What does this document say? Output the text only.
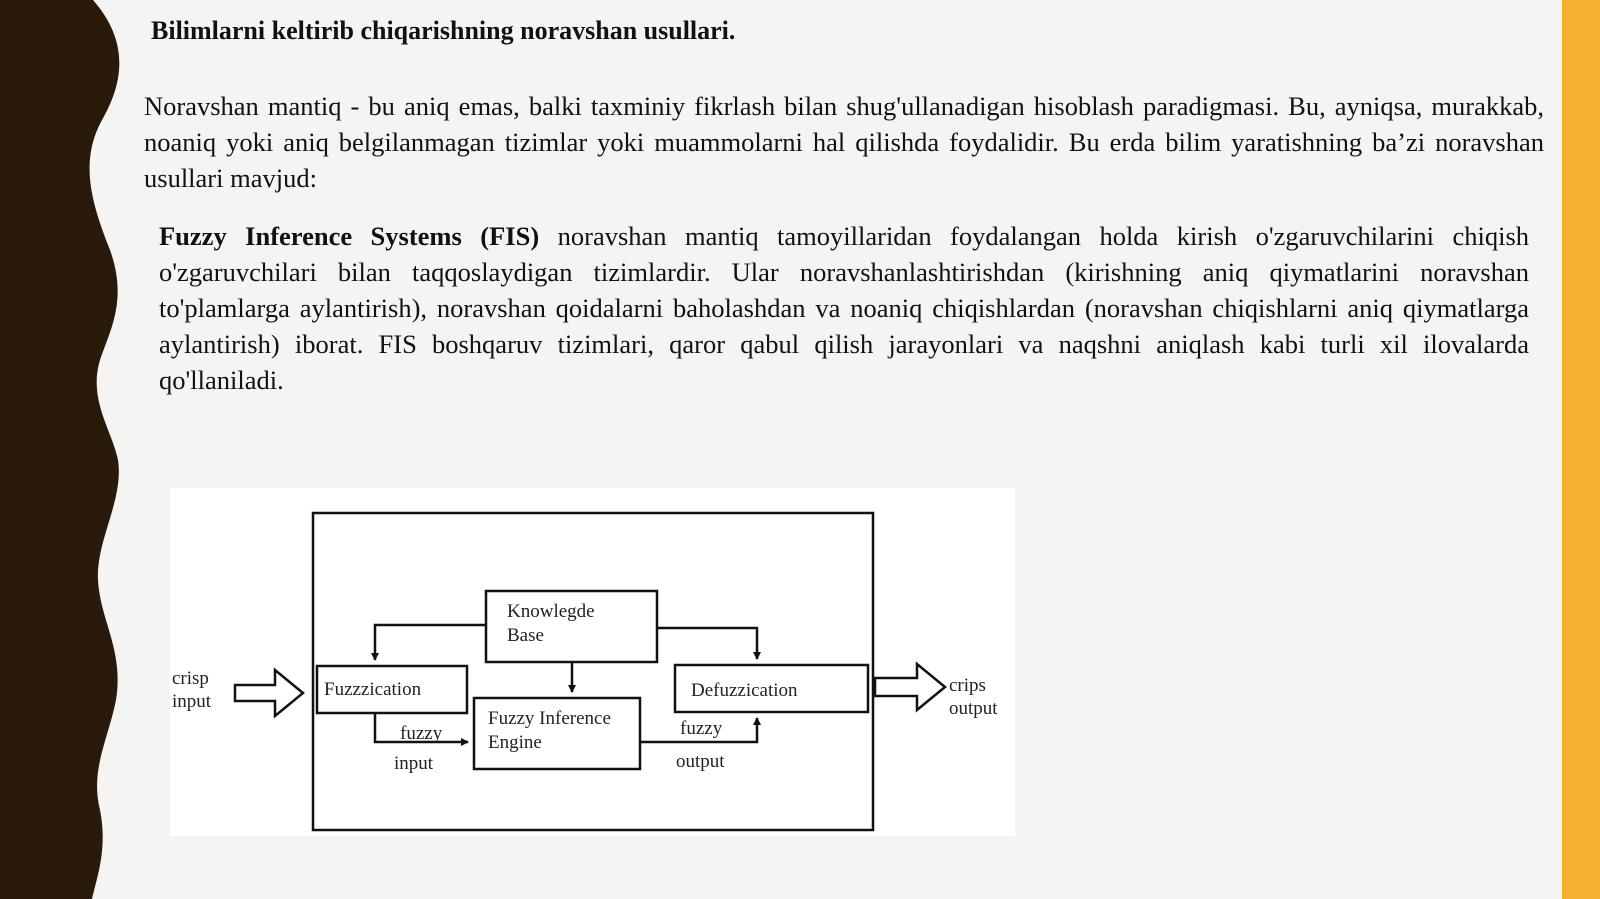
Bilimlarni keltirib chiqarishning noravshan usullari.

Noravshan mantiq - bu aniq emas, balki taxminiy fikrlash bilan shug'ullanadigan hisoblash paradigmasi. Bu, ayniqsa, murakkab, noaniq yoki aniq belgilanmagan tizimlar yoki muammolarni hal qilishda foydalidir. Bu erda bilim yaratishning ba’zi noravshan usullari mavjud:

Fuzzy Inference Systems (FIS) noravshan mantiq tamoyillaridan foydalangan holda kirish o'zgaruvchilarini chiqish o'zgaruvchilari bilan taqqoslaydigan tizimlardir. Ular noravshanlashtirishdan (kirishning aniq qiymatlarini noravshan to'plamlarga aylantirish), noravshan qoidalarni baholashdan va noaniq chiqishlardan (noravshan chiqishlarni aniq qiymatlarga aylantirish) iborat. FIS boshqaruv tizimlari, qaror qabul qilish jarayonlari va naqshni aniqlash kabi turli xil ilovalarda qo'llaniladi.

crisp
input
Knowlegde
Base
Fuzzzication
Fuzzy Inference
Engine
Defuzzication
fuzzy
input
fuzzy
output
crips
output
